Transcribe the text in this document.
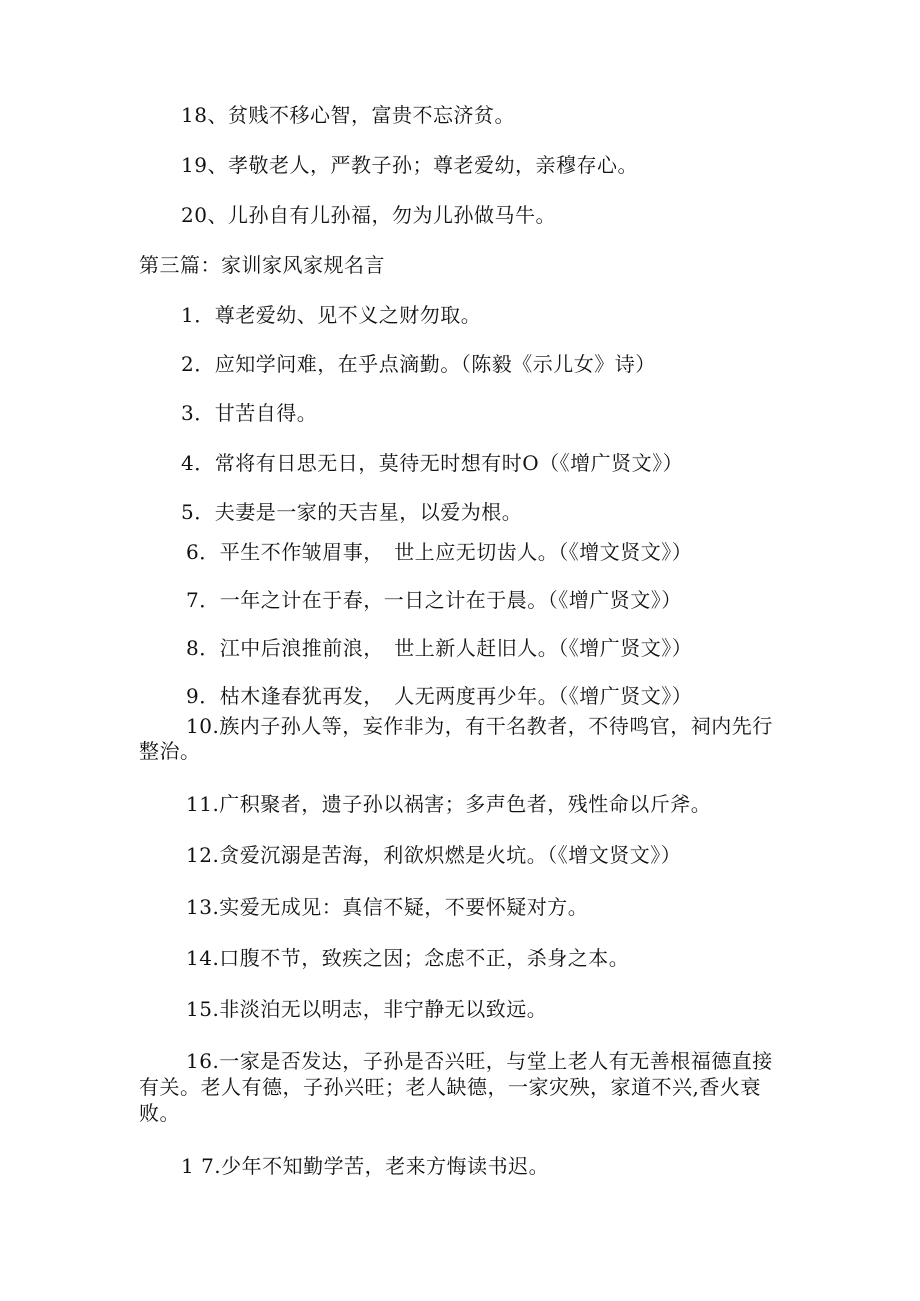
18、贫贱不移心智，富贵不忘济贫。
19、孝敬老人，严教子孙；尊老爱幼，亲穆存心。
20、儿孙自有儿孙福，勿为儿孙做马牛。
第三篇：家训家风家规名言
1．尊老爱幼、见不义之财勿取。
2．应知学问难，在乎点滴勤。（陈毅《示儿女》诗）
3．甘苦自得。
4．常将有日思无日，莫待无时想有时O（《增广贤文》）
5．夫妻是一家的天吉星，以爱为根。
6．平生不作皱眉事，　世上应无切齿人。（《增文贤文》）
7．一年之计在于春，一日之计在于晨。（《增广贤文》）
8．江中后浪推前浪，　世上新人赶旧人。（《增广贤文》）
9．枯木逢春犹再发，　人无两度再少年。（《增广贤文》）
10.族内子孙人等，妄作非为，有干名教者，不待鸣官，祠内先行整治。
11.广积聚者，遗子孙以祸害；多声色者，残性命以斤斧。
12.贪爱沉溺是苦海，利欲炽燃是火坑。（《增文贤文》）
13.实爱无成见：真信不疑，不要怀疑对方。
14.口腹不节，致疾之因；念虑不正，杀身之本。
15.非淡泊无以明志，非宁静无以致远。
16.一家是否发达，子孙是否兴旺，与堂上老人有无善根福德直接有关。老人有德，子孙兴旺；老人缺德，一家灾殃，家道不兴,香火衰败。
1 7.少年不知勤学苦，老来方悔读书迟。
